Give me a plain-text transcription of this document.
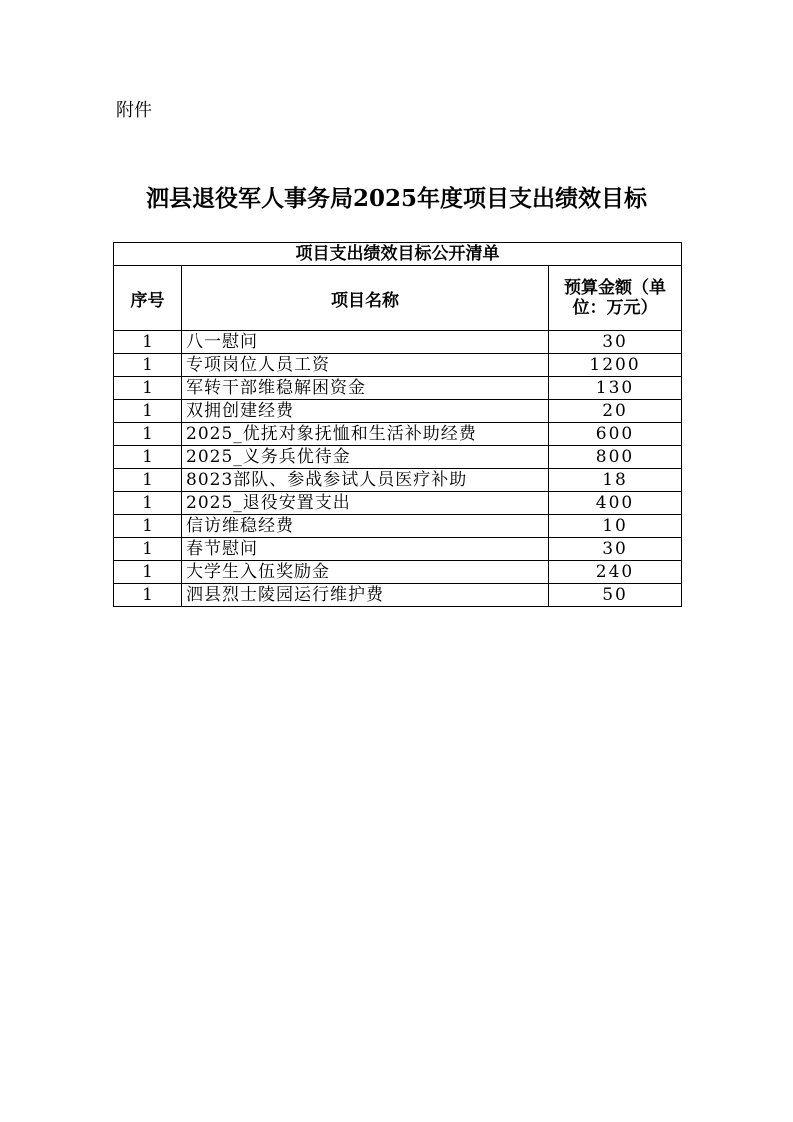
附件
泗县退役军人事务局2025年度项目支出绩效目标
项目支出绩效目标公开清单		
序号	项目名称	预算金额（单位：万元）
1	八一慰问	30
1	专项岗位人员工资	1200
1	军转干部维稳解困资金	130
1	双拥创建经费	20
1	2025_优抚对象抚恤和生活补助经费	600
1	2025_义务兵优待金	800
1	8023部队、参战参试人员医疗补助	18
1	2025_退役安置支出	400
1	信访维稳经费	10
1	春节慰问	30
1	大学生入伍奖励金	240
1	泗县烈士陵园运行维护费	50
